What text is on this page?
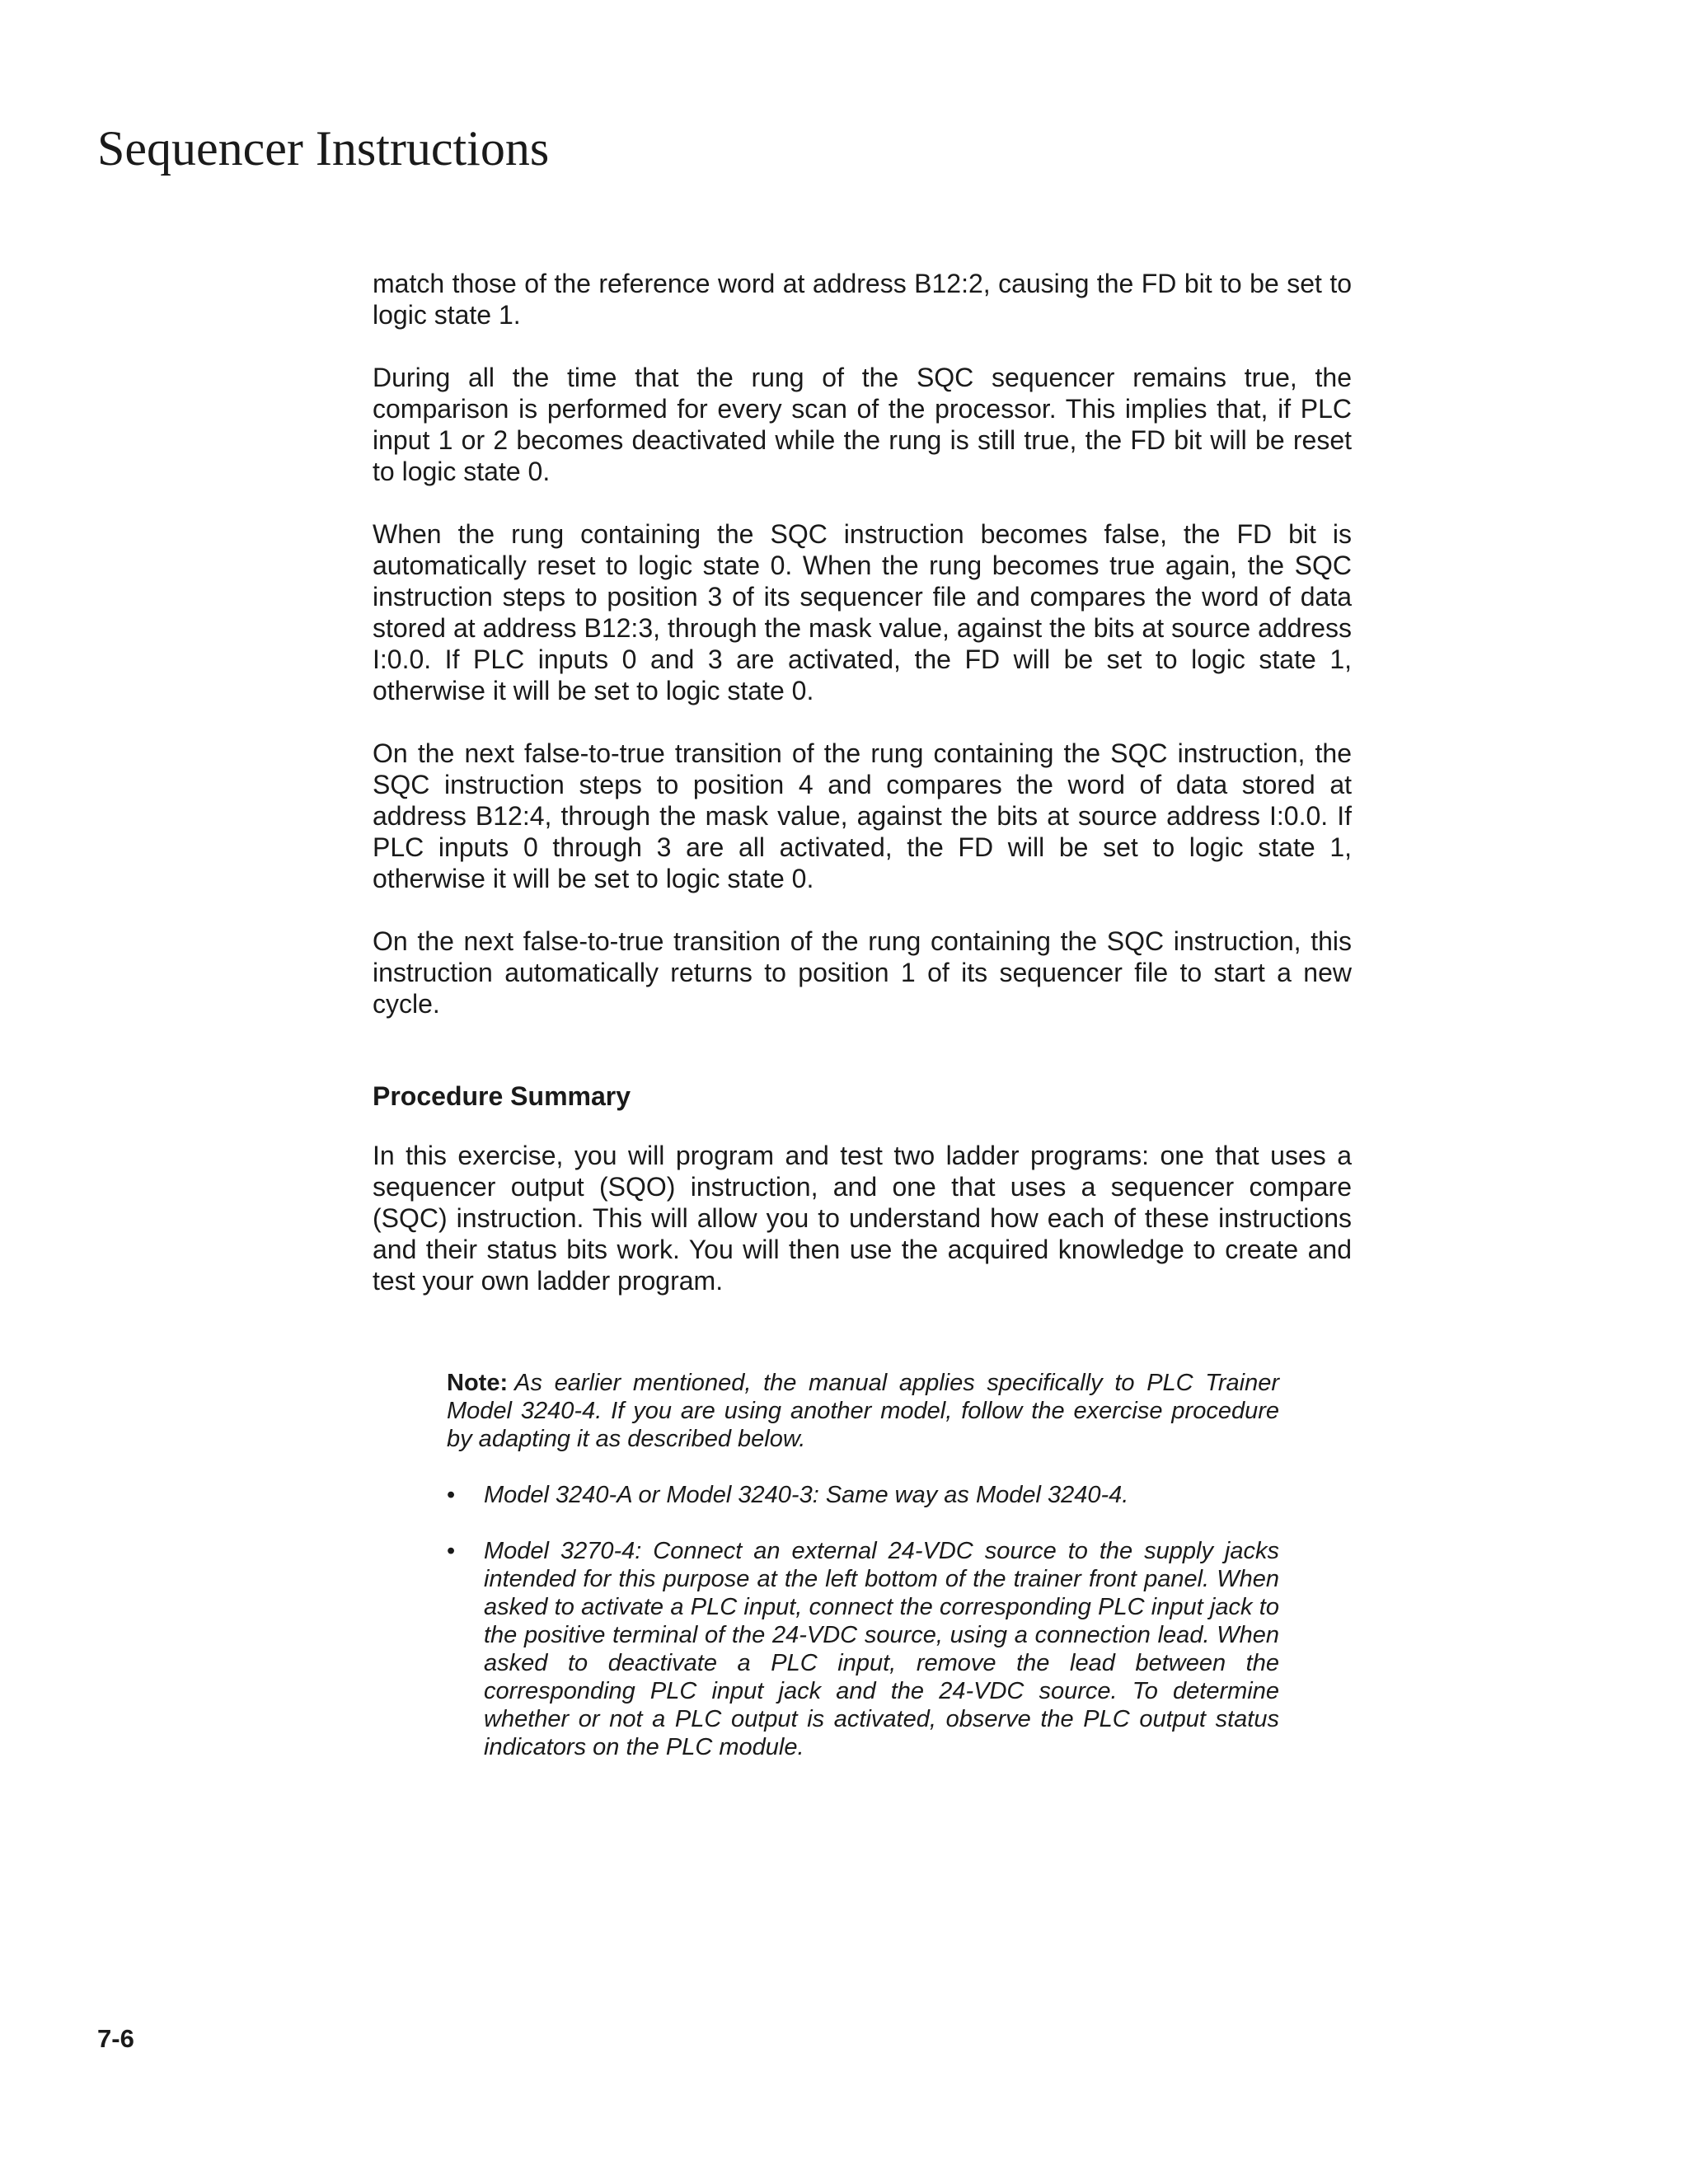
Sequencer Instructions

match those of the reference word at address B12:2, causing the FD bit to be set to logic state 1.

During all the time that the rung of the SQC sequencer remains true, the comparison is performed for every scan of the processor. This implies that, if PLC input 1 or 2 becomes deactivated while the rung is still true, the FD bit will be reset to logic state 0.

When the rung containing the SQC instruction becomes false, the FD bit is automatically reset to logic state 0. When the rung becomes true again, the SQC instruction steps to position 3 of its sequencer file and compares the word of data stored at address B12:3, through the mask value, against the bits at source address I:0.0. If PLC inputs 0 and 3 are activated, the FD will be set to logic state 1, otherwise it will be set to logic state 0.

On the next false-to-true transition of the rung containing the SQC instruction, the SQC instruction steps to position 4 and compares the word of data stored at address B12:4, through the mask value, against the bits at source address I:0.0. If PLC inputs 0 through 3 are all activated, the FD will be set to logic state 1, otherwise it will be set to logic state 0.

On the next false-to-true transition of the rung containing the SQC instruction, this instruction automatically returns to position 1 of its sequencer file to start a new cycle.

Procedure Summary

In this exercise, you will program and test two ladder programs: one that uses a sequencer output (SQO) instruction, and one that uses a sequencer compare (SQC) instruction. This will allow you to understand how each of these instructions and their status bits work. You will then use the acquired knowledge to create and test your own ladder program.

Note: As earlier mentioned, the manual applies specifically to PLC Trainer Model 3240-4. If you are using another model, follow the exercise procedure by adapting it as described below.

• Model 3240-A or Model 3240-3: Same way as Model 3240-4.
• Model 3270-4: Connect an external 24-VDC source to the supply jacks intended for this purpose at the left bottom of the trainer front panel. When asked to activate a PLC input, connect the corresponding PLC input jack to the positive terminal of the 24-VDC source, using a connection lead. When asked to deactivate a PLC input, remove the lead between the corresponding PLC input jack and the 24-VDC source. To determine whether or not a PLC output is activated, observe the PLC output status indicators on the PLC module.
7-6
